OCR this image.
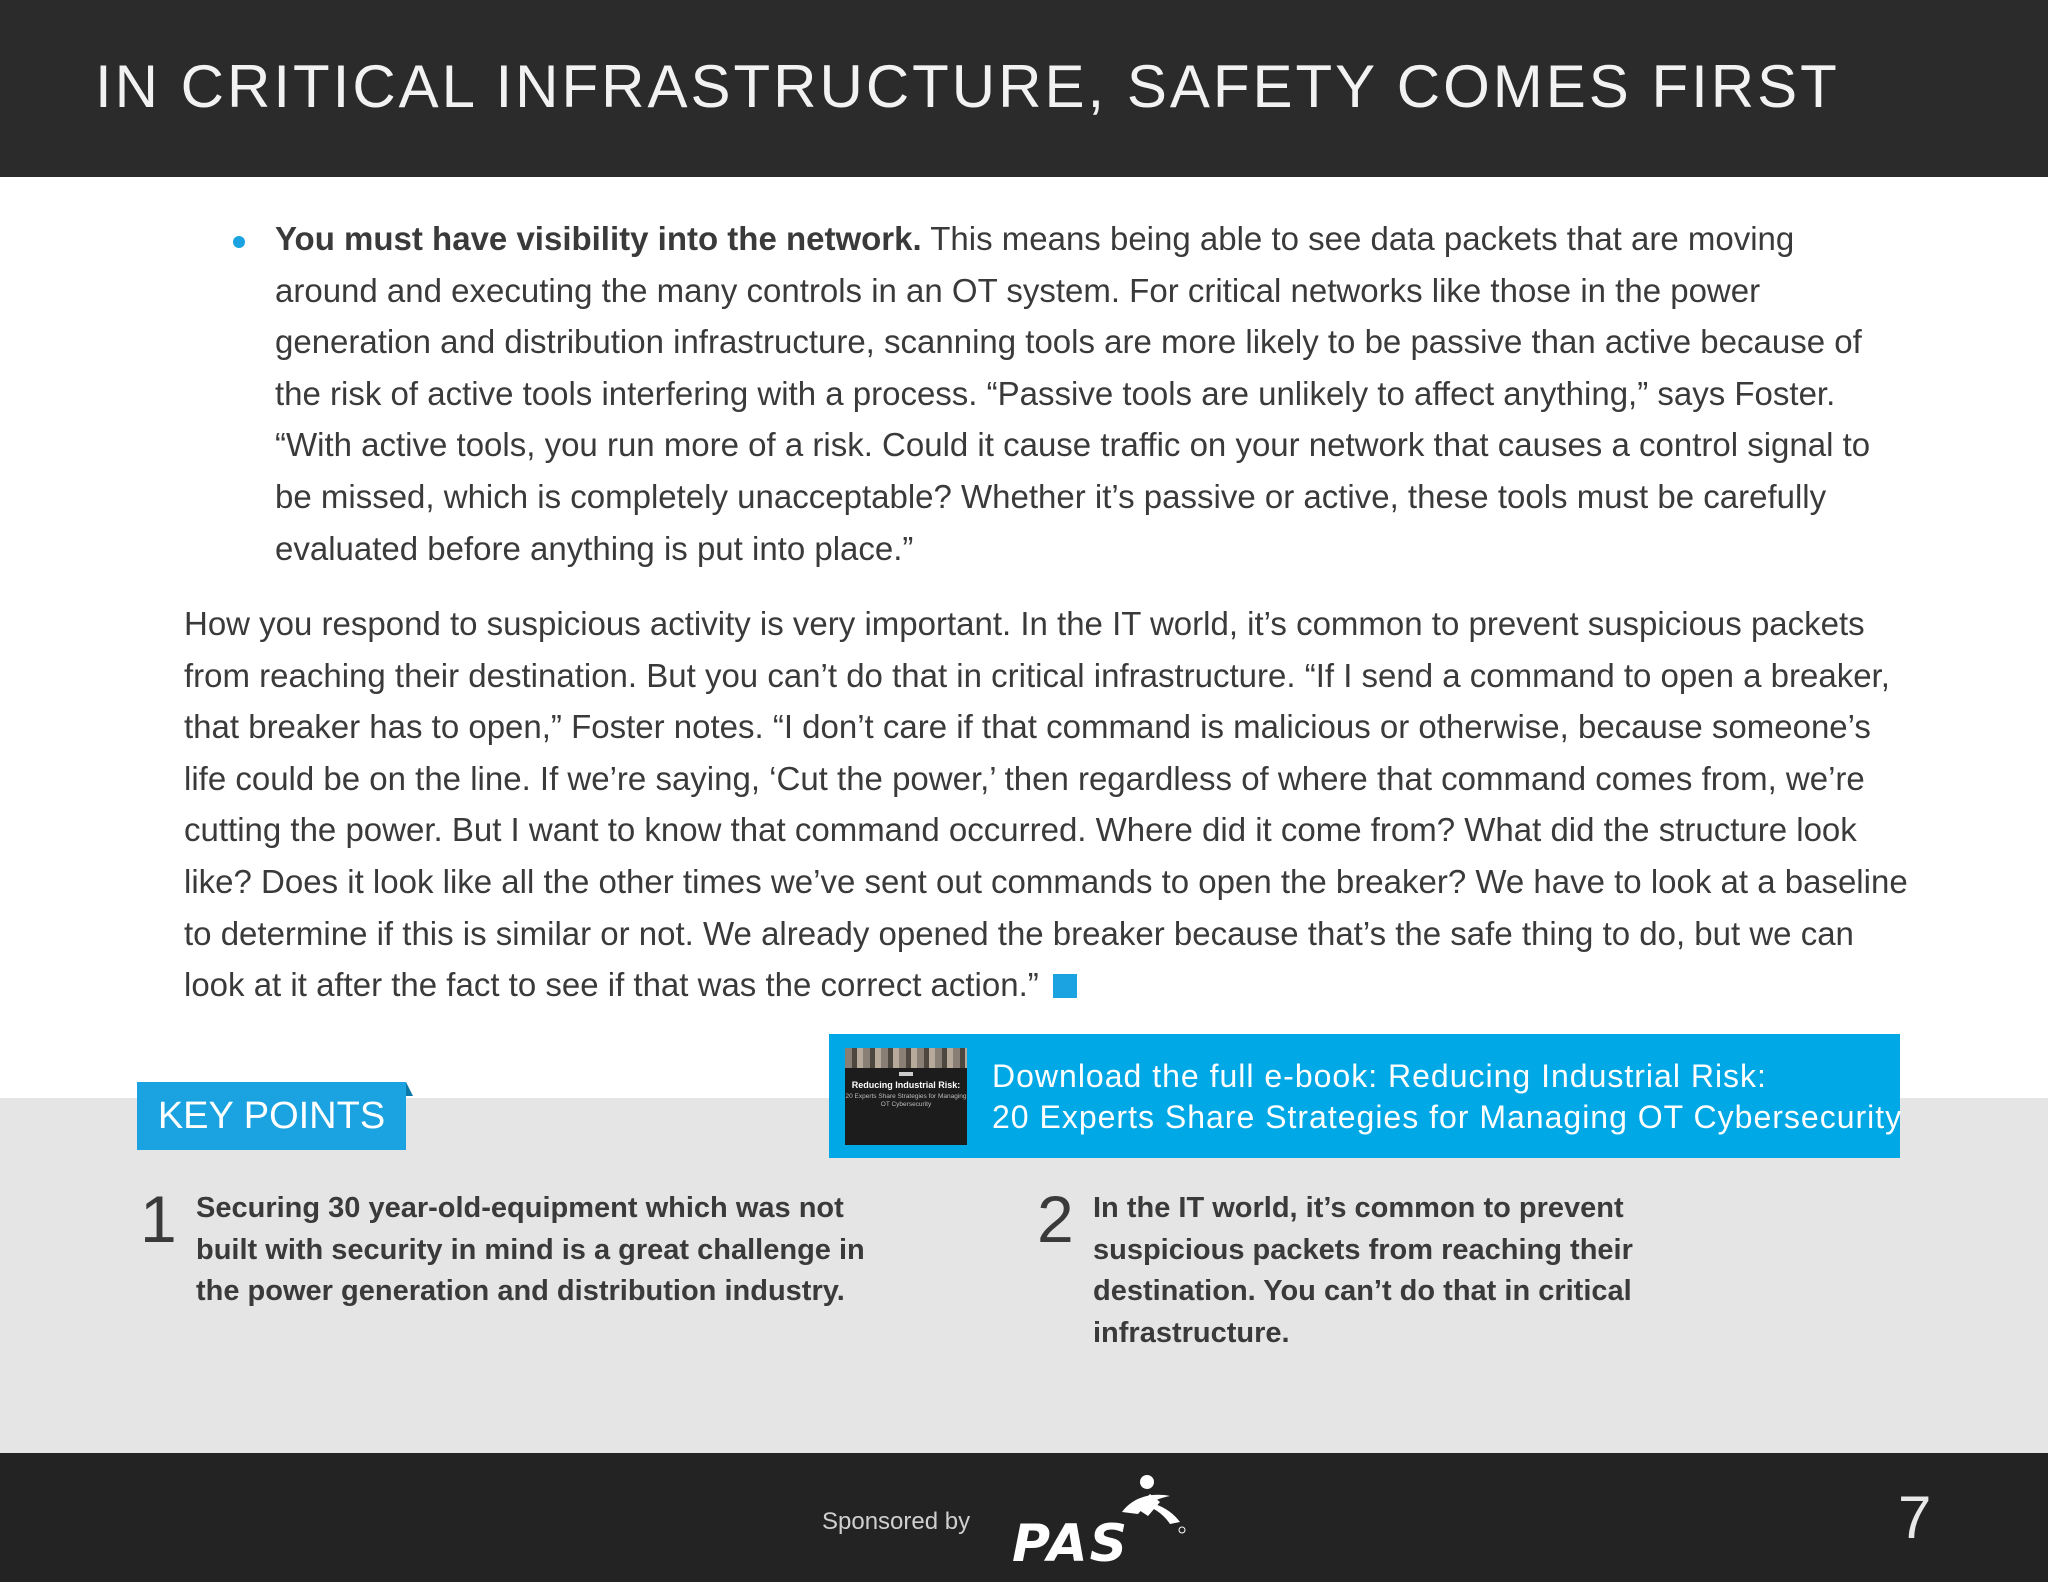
IN CRITICAL INFRASTRUCTURE, SAFETY COMES FIRST

You must have visibility into the network. This means being able to see data packets that are moving around and executing the many controls in an OT system. For critical networks like those in the power generation and distribution infrastructure, scanning tools are more likely to be passive than active because of the risk of active tools interfering with a process. “Passive tools are unlikely to affect anything,” says Foster. “With active tools, you run more of a risk. Could it cause traffic on your network that causes a control signal to be missed, which is completely unacceptable? Whether it’s passive or active, these tools must be carefully evaluated before anything is put into place.”

How you respond to suspicious activity is very important. In the IT world, it’s common to prevent suspicious packets from reaching their destination. But you can’t do that in critical infrastructure. “If I send a command to open a breaker, that breaker has to open,” Foster notes. “I don’t care if that command is malicious or otherwise, because someone’s life could be on the line. If we’re saying, ‘Cut the power,’ then regardless of where that command comes from, we’re cutting the power. But I want to know that command occurred. Where did it come from? What did the structure look like? Does it look like all the other times we’ve sent out commands to open the breaker? We have to look at a baseline to determine if this is similar or not. We already opened the breaker because that’s the safe thing to do, but we can look at it after the fact to see if that was the correct action.”

KEY POINTS
Reducing Industrial Risk:
20 Experts Share Strategies for Managing OT Cybersecurity
Download the full e-book: Reducing Industrial Risk:
20 Experts Share Strategies for Managing OT Cybersecurity
1 Securing 30 year-old-equipment which was not built with security in mind is a great challenge in the power generation and distribution industry.

2 In the IT world, it’s common to prevent suspicious packets from reaching their destination. You can’t do that in critical infrastructure.

Sponsored by PAS	7
